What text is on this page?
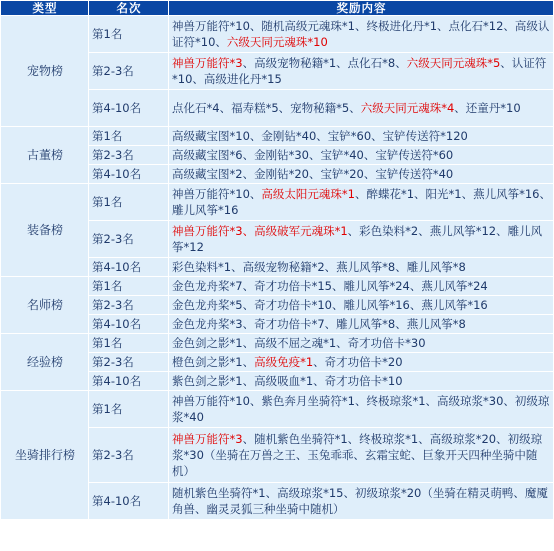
类型	名次	奖励内容
宠物榜	第1名	神兽万能符*10、随机高级元魂珠*1、终极进化丹*1、点化石*12、高级认证符*10、六级天同元魂珠*10
	第2-3名	神兽万能符*3、高级宠物秘籍*1、点化石*8、六级天同元魂珠*5、认证符*10、高级进化丹*15
	第4-10名	点化石*4、福寿糕*5、宠物秘籍*5、六级天同元魂珠*4、还童丹*10
古董榜	第1名	高级藏宝图*10、金刚钻*40、宝铲*60、宝铲传送符*120
	第2-3名	高级藏宝图*6、金刚钻*30、宝铲*40、宝铲传送符*60
	第4-10名	高级藏宝图*2、金刚钻*20、宝铲*20、宝铲传送符*40
装备榜	第1名	神兽万能符*10、高级太阳元魂珠*1、醉蝶花*1、阳光*1、燕儿风筝*16、雕儿风筝*16
	第2-3名	神兽万能符*3、高级破军元魂珠*1、彩色染料*2、燕儿风筝*12、雕儿风筝*12
	第4-10名	彩色染料*1、高级宠物秘籍*2、燕儿风筝*8、雕儿风筝*8
名师榜	第1名	金色龙舟桨*7、奇才功倍卡*15、雕儿风筝*24、燕儿风筝*24
	第2-3名	金色龙舟桨*5、奇才功倍卡*10、雕儿风筝*16、燕儿风筝*16
	第4-10名	金色龙舟桨*3、奇才功倍卡*7、雕儿风筝*8、燕儿风筝*8
经验榜	第1名	金色剑之影*1、高级不屈之魂*1、奇才功倍卡*30
	第2-3名	橙色剑之影*1、高级免疫*1、奇才功倍卡*20
	第4-10名	紫色剑之影*1、高级吸血*1、奇才功倍卡*10
坐骑排行榜	第1名	神兽万能符*10、紫色奔月坐骑符*1、终极琼浆*1、高级琼浆*30、初级琼浆*40
	第2-3名	神兽万能符*3、随机紫色坐骑符*1、终极琼浆*1、高级琼浆*20、初级琼浆*30（坐骑在万兽之王、玉兔乖乖、玄霜宝蛇、巨象开天四种坐骑中随机）
	第4-10名	随机紫色坐骑符*1、高级琼浆*15、初级琼浆*20（坐骑在精灵萌鸭、魔魇角兽、幽灵灵狐三种坐骑中随机）
